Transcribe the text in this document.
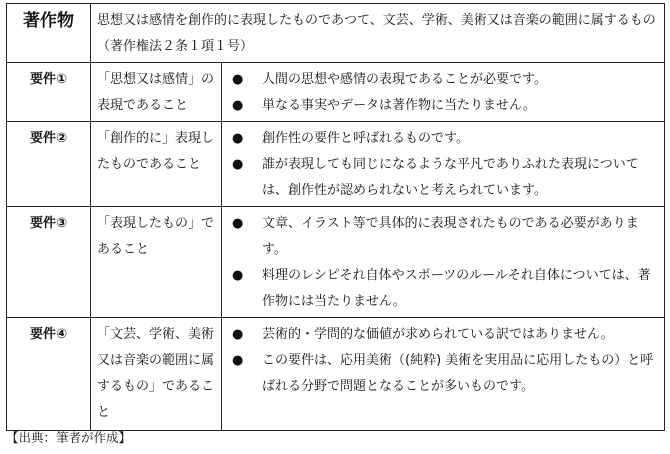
著作物	思想又は感情を創作的に表現したものであつて、文芸、学術、美術又は音楽の範囲に属するもの（著作権法２条１項１号）	
要件①	「思想又は感情」の表現であること	● 人間の思想や感情の表現であることが必要です。
● 単なる事実やデータは著作物に当たりません。

要件②	「創作的に」表現したものであること	● 創作性の要件と呼ばれるものです。
● 誰が表現しても同じになるような平凡でありふれた表現については、創作性が認められないと考えられています。

要件③	「表現したもの」であること	● 文章、イラスト等で具体的に表現されたものである必要があります。
● 料理のレシピそれ自体やスポーツのルールそれ自体については、著作物には当たりません。

要件④	「文芸、学術、美術又は音楽の範囲に属するもの」であること	● 芸術的・学問的な価値が求められている訳ではありません。
● この要件は、応用美術（(純粋) 美術を実用品に応用したもの）と呼ばれる分野で問題となることが多いものです。
【出典：筆者が作成】
